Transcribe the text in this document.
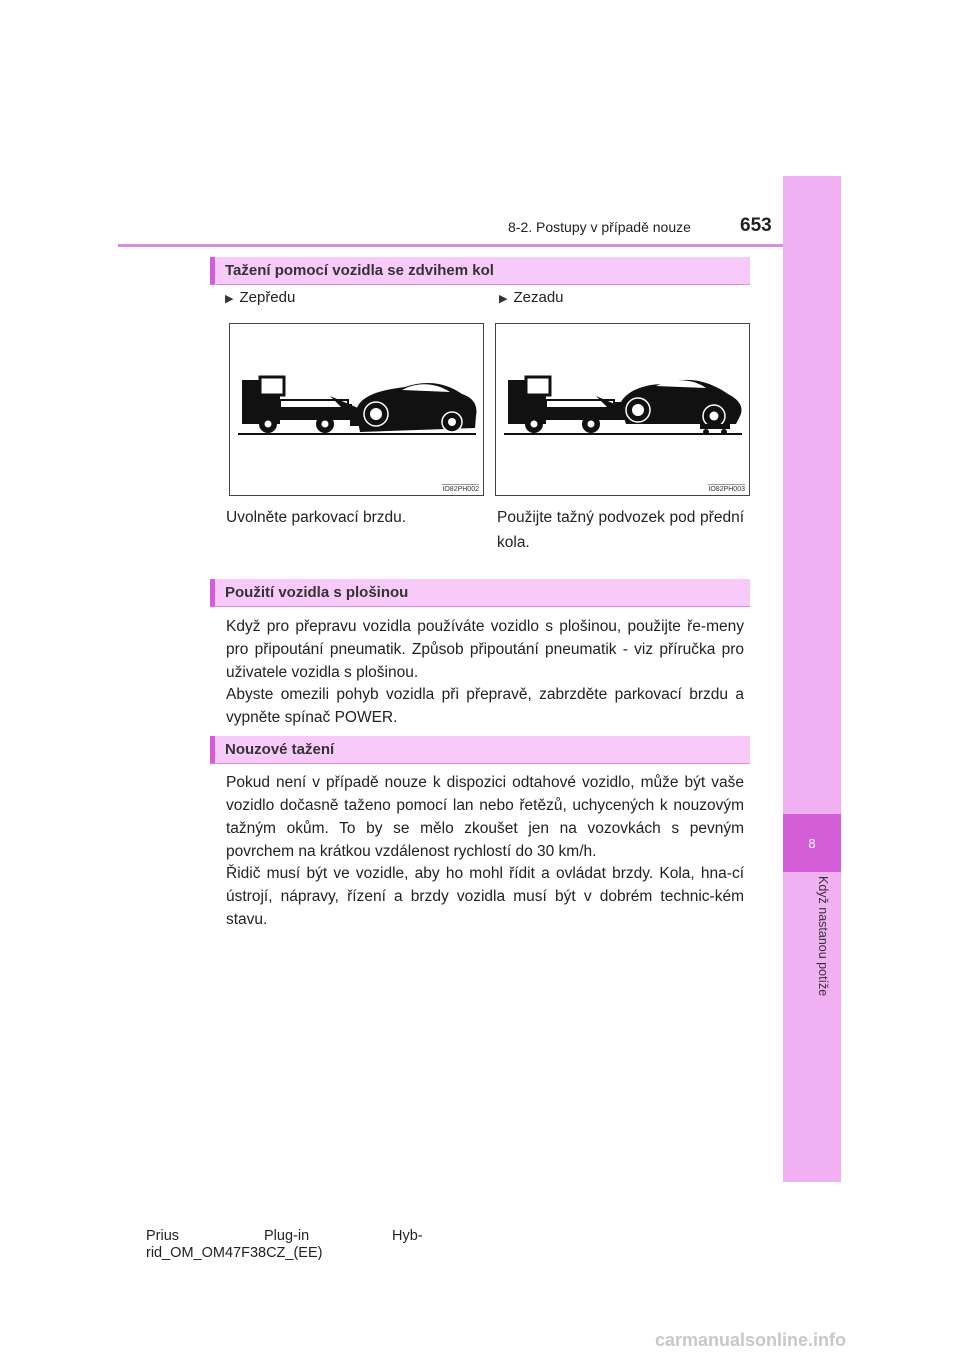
8
Když nastanou potíže
8-2. Postupy v případě nouze	653
Tažení pomocí vozidla se zdvihem kol
▶ Zepředu	▶ Zezadu
IO82PH002	IO82PH003
Uvolněte parkovací brzdu.	Použijte tažný podvozek pod přední kola.
Použití vozidla s plošinou

Když pro přepravu vozidla používáte vozidlo s plošinou, použijte ře-meny pro připoutání pneumatik. Způsob připoutání pneumatik - viz příručka pro uživatele vozidla s plošinou.

Abyste omezili pohyb vozidla při přepravě, zabrzděte parkovací brzdu a vypněte spínač POWER.

Nouzové tažení

Pokud není v případě nouze k dispozici odtahové vozidlo, může být vaše vozidlo dočasně taženo pomocí lan nebo řetězů, uchycených k nouzovým tažným okům. To by se mělo zkoušet jen na vozovkách s pevným povrchem na krátkou vzdálenost rychlostí do 30 km/h.

Řidič musí být ve vozidle, aby ho mohl řídit a ovládat brzdy. Kola, hna-cí ústrojí, nápravy, řízení a brzdy vozidla musí být v dobrém technic-kém stavu.

Prius	Plug-in	Hyb-
rid_OM_OM47F38CZ_(EE)
carmanualsonline.info
